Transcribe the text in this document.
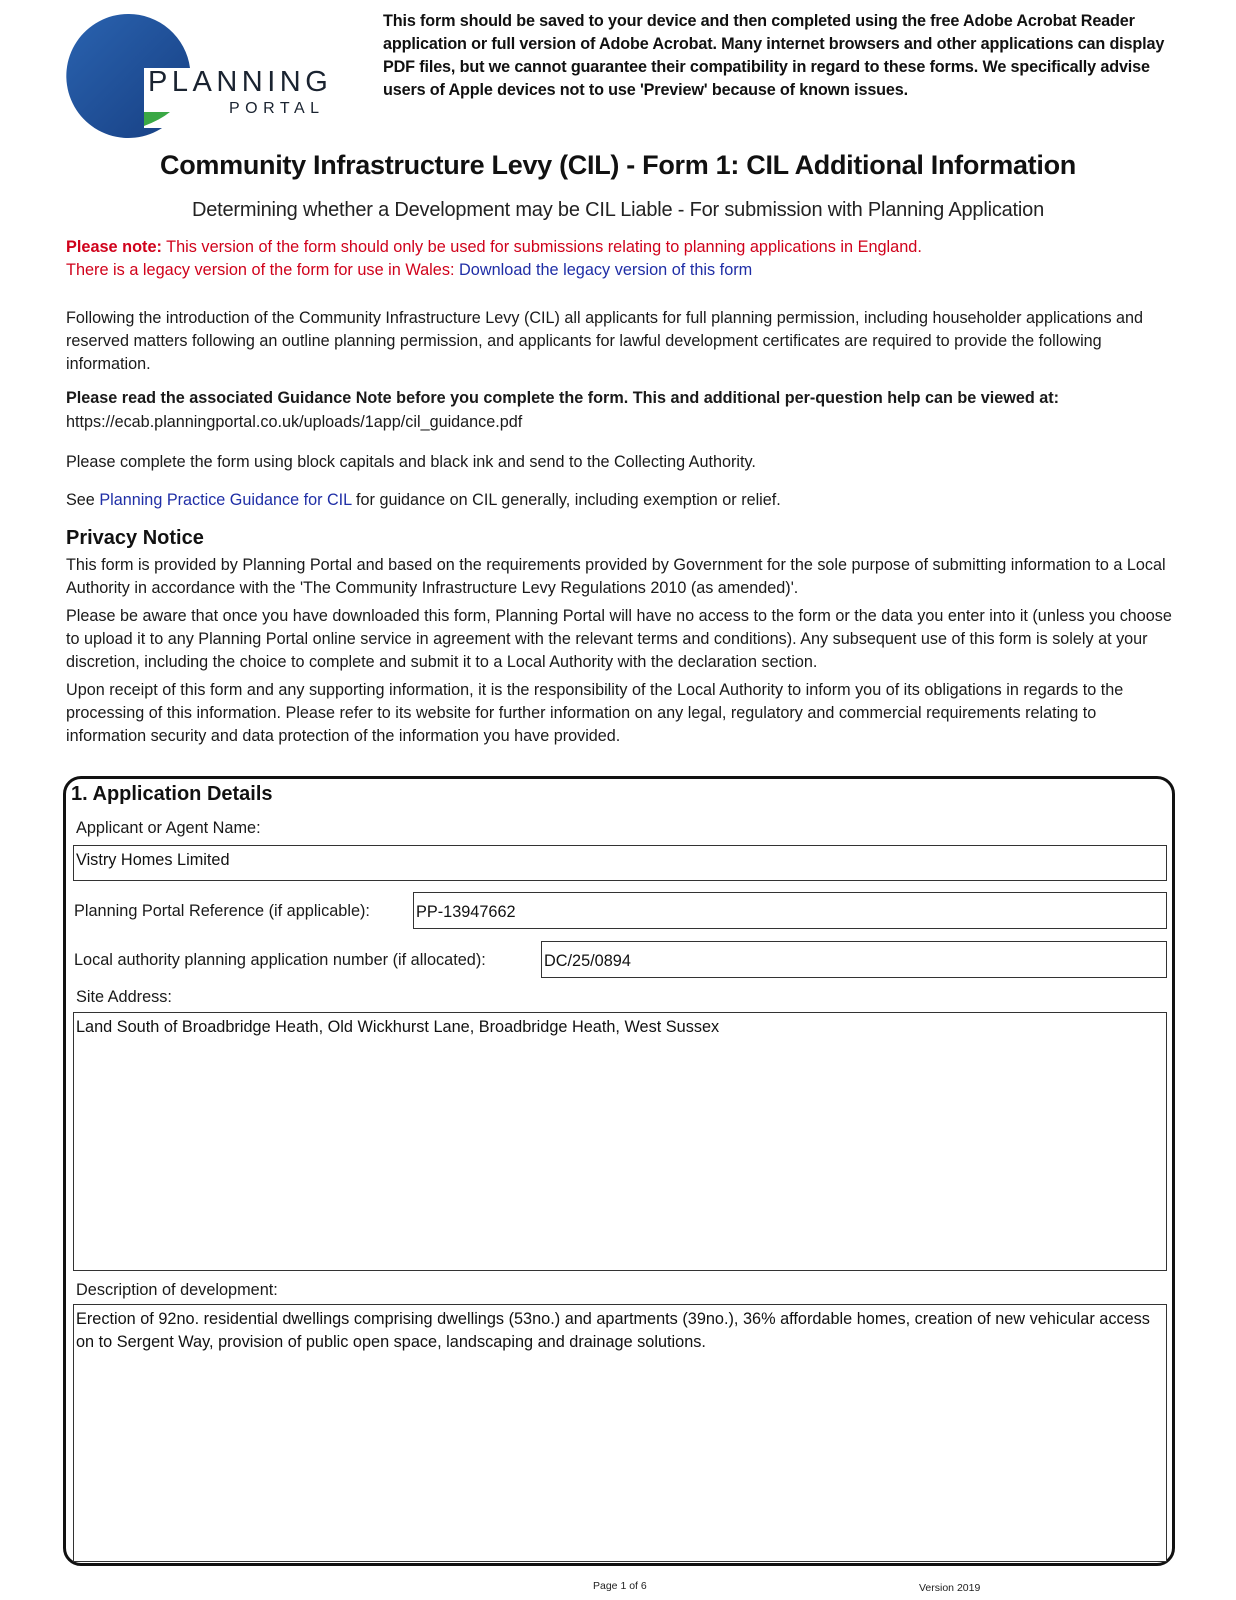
PLANNING
PORTAL
This form should be saved to your device and then completed using the free Adobe Acrobat Reader application or full version of Adobe Acrobat. Many internet browsers and other applications can display PDF files, but we cannot guarantee their compatibility in regard to these forms. We specifically advise users of Apple devices not to use 'Preview' because of known issues.
Community Infrastructure Levy (CIL) - Form 1: CIL Additional Information
Determining whether a Development may be CIL Liable - For submission with Planning Application
Please note: This version of the form should only be used for submissions relating to planning applications in England.
There is a legacy version of the form for use in Wales: Download the legacy version of this form
Following the introduction of the Community Infrastructure Levy (CIL) all applicants for full planning permission, including householder applications and reserved matters following an outline planning permission, and applicants for lawful development certificates are required to provide the following information.
Please read the associated Guidance Note before you complete the form. This and additional per-question help can be viewed at:
https://ecab.planningportal.co.uk/uploads/1app/cil_guidance.pdf
Please complete the form using block capitals and black ink and send to the Collecting Authority.
See Planning Practice Guidance for CIL for guidance on CIL generally, including exemption or relief.
Privacy Notice
This form is provided by Planning Portal and based on the requirements provided by Government for the sole purpose of submitting information to a Local Authority in accordance with the 'The Community Infrastructure Levy Regulations 2010 (as amended)'.
Please be aware that once you have downloaded this form, Planning Portal will have no access to the form or the data you enter into it (unless you choose to upload it to any Planning Portal online service in agreement with the relevant terms and conditions). Any subsequent use of this form is solely at your discretion, including the choice to complete and submit it to a Local Authority with the declaration section.
Upon receipt of this form and any supporting information, it is the responsibility of the Local Authority to inform you of its obligations in regards to the processing of this information. Please refer to its website for further information on any legal, regulatory and commercial requirements relating to information security and data protection of the information you have provided.
1. Application Details
Applicant or Agent Name:
Vistry Homes Limited
Planning Portal Reference (if applicable):	PP-13947662
Local authority planning application number (if allocated):	DC/25/0894
Site Address:
Land South of Broadbridge Heath, Old Wickhurst Lane, Broadbridge Heath, West Sussex
Description of development:
Erection of 92no. residential dwellings comprising dwellings (53no.) and apartments (39no.), 36% affordable homes, creation of new vehicular access on to Sergent Way, provision of public open space, landscaping and drainage solutions.
Page 1 of 6	Version 2019
